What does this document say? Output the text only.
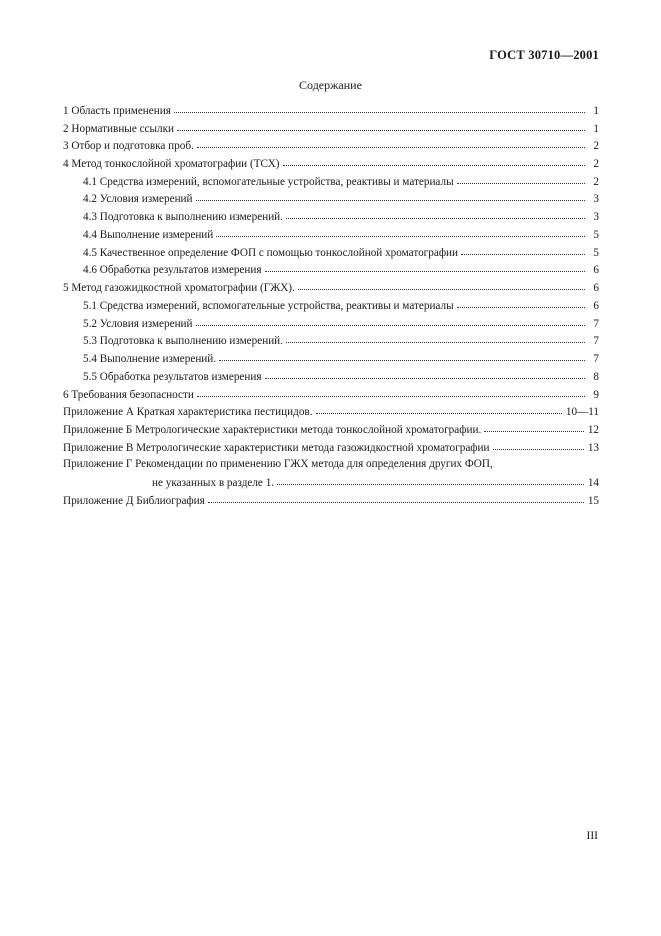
ГОСТ 30710—2001
Содержание
1 Область применения	1
2 Нормативные ссылки	1
3 Отбор и подготовка проб.	2
4 Метод тонкослойной хроматографии (ТСХ)	2
4.1 Средства измерений, вспомогательные устройства, реактивы и материалы	2
4.2 Условия измерений	3
4.3 Подготовка к выполнению измерений.	3
4.4 Выполнение измерений	5
4.5 Качественное определение ФОП с помощью тонкослойной хроматографии	5
4.6 Обработка результатов измерения	6
5 Метод газожидкостной хроматографии (ГЖХ).	6
5.1 Средства измерений, вспомогательные устройства, реактивы и материалы	6
5.2 Условия измерений	7
5.3 Подготовка к выполнению измерений.	7
5.4 Выполнение измерений.	7
5.5 Обработка результатов измерения	8
6 Требования безопасности	9
Приложение А Краткая характеристика пестицидов.	10—11
Приложение Б Метрологические характеристики метода тонкослойной хроматографии.	12
Приложение В Метрологические характеристики метода газожидкостной хроматографии	13
Приложение Г Рекомендации по применению ГЖХ метода для определения других ФОП,
не указанных в разделе 1.	14
Приложение Д Библиография	15
III
